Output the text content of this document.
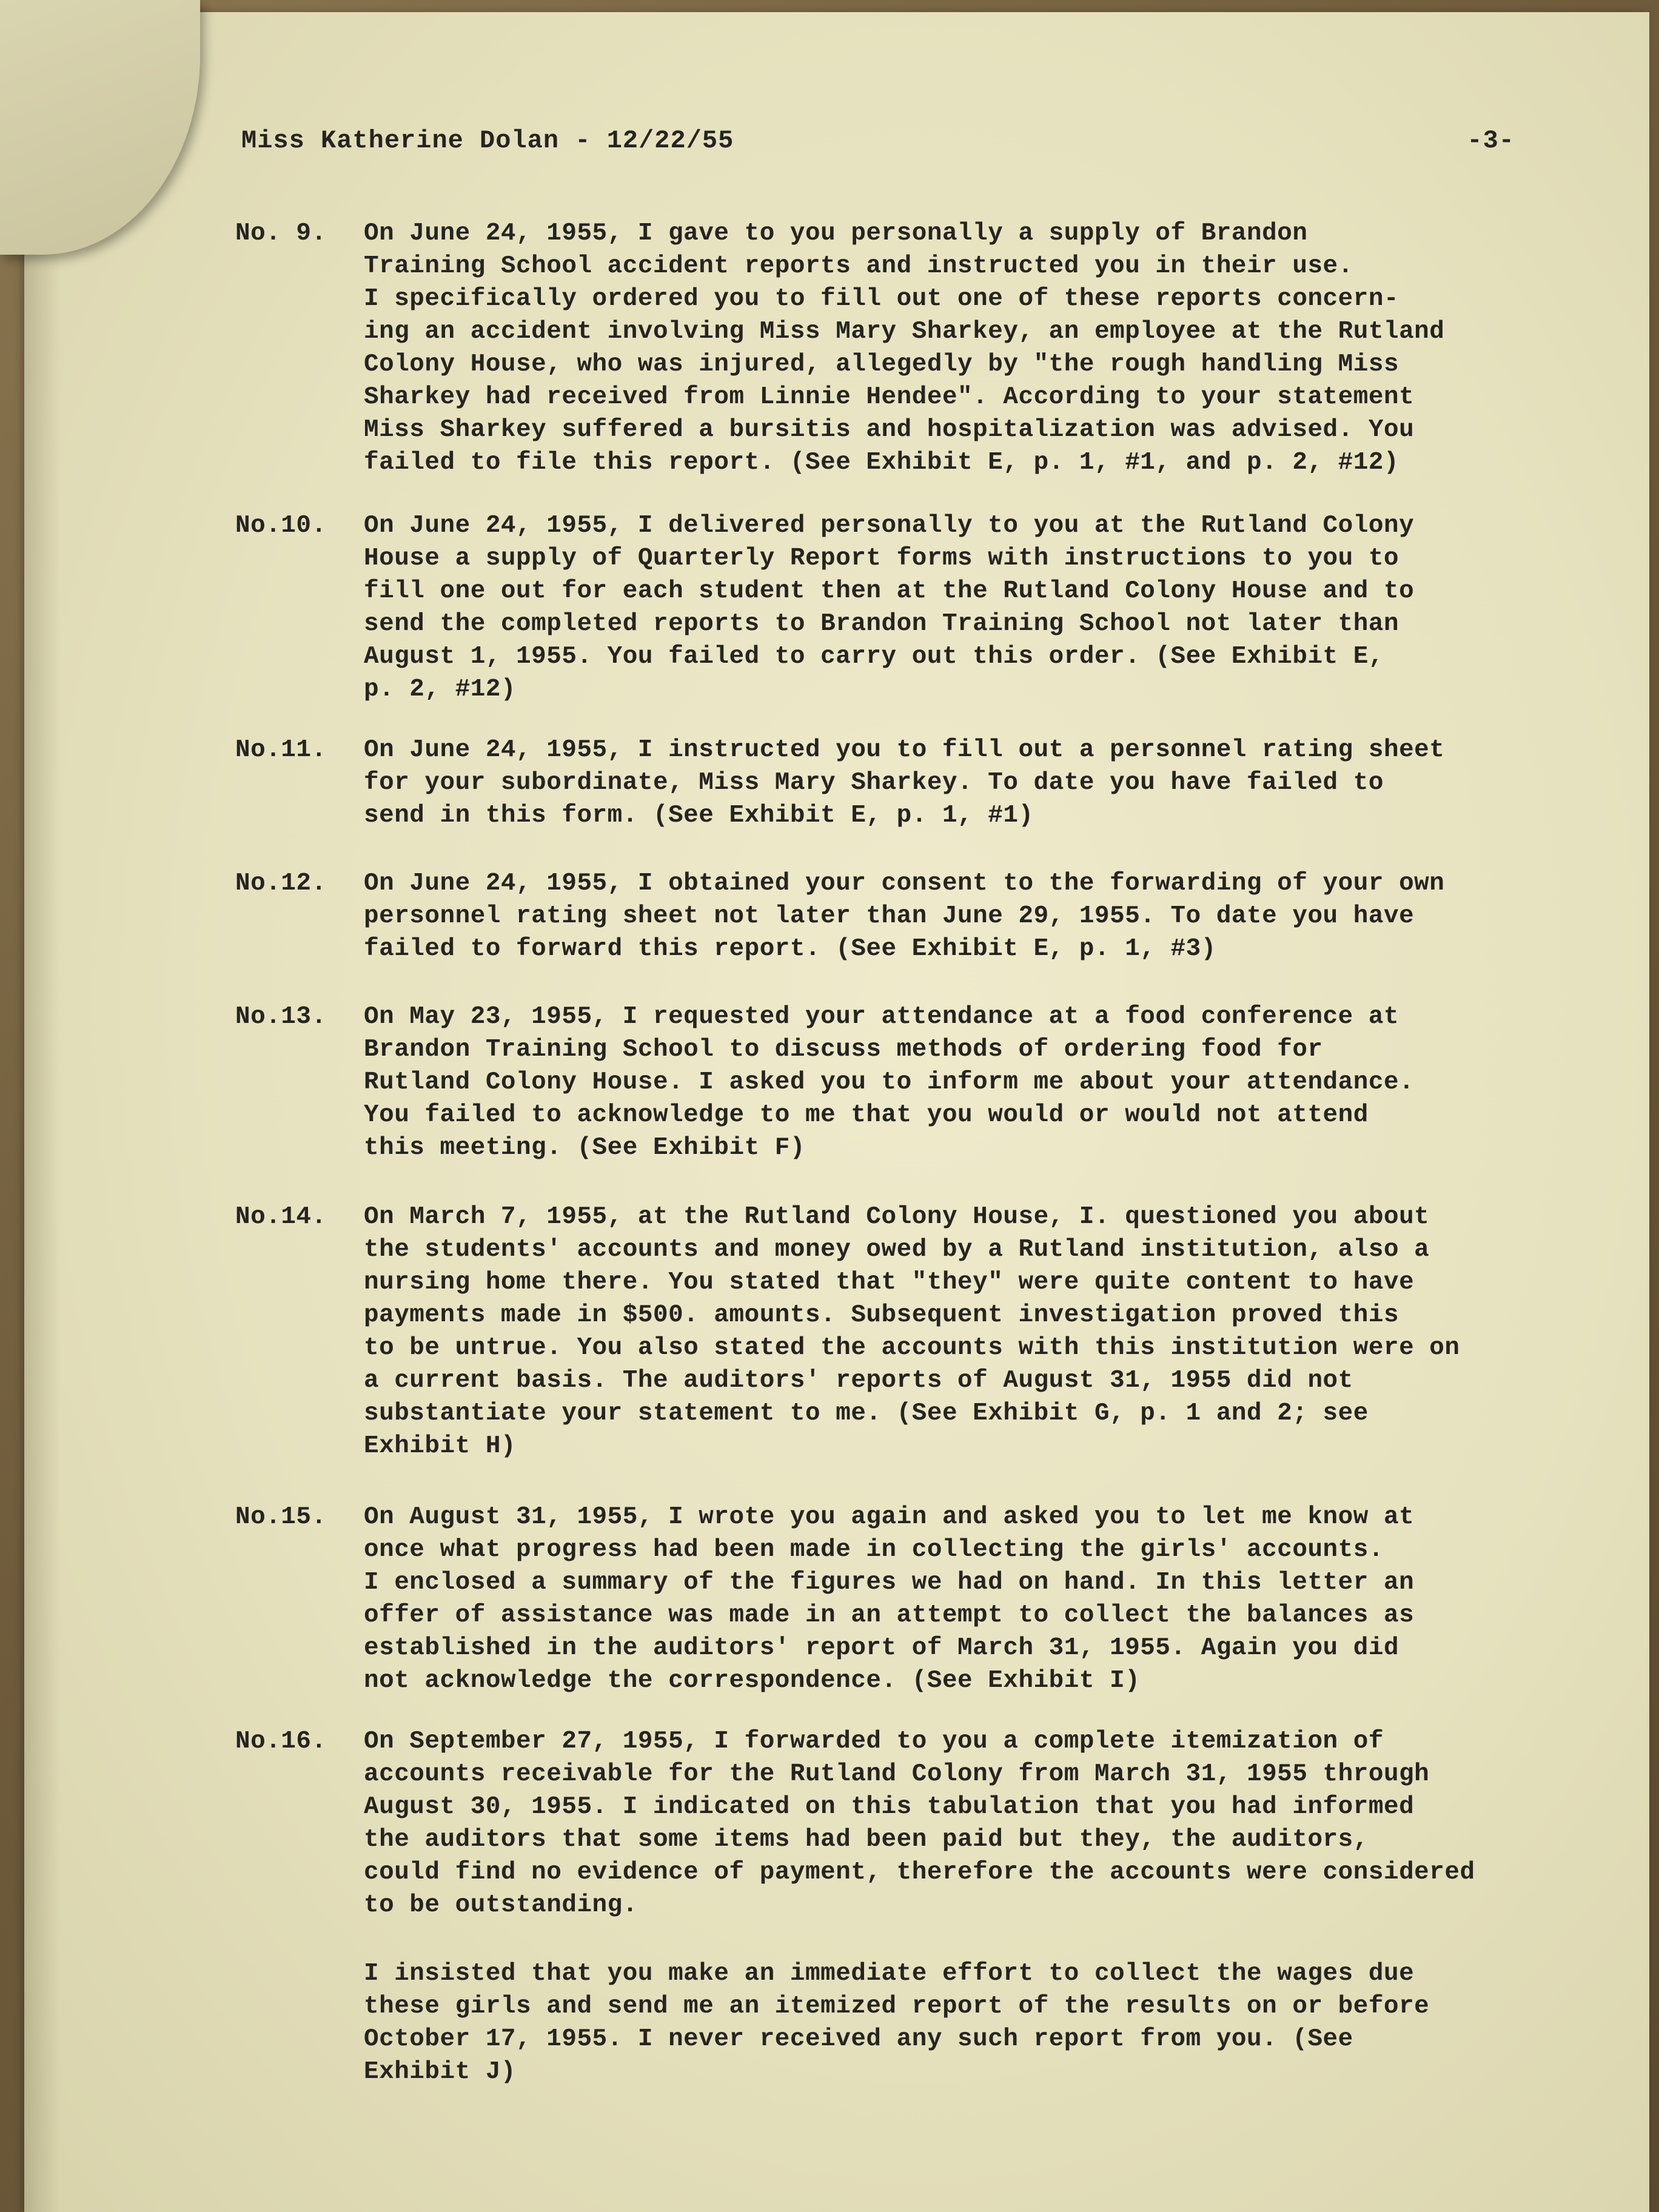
Miss Katherine Dolan - 12/22/55	-3-
No. 9.	On June 24, 1955, I gave to you personally a supply of Brandon
Training School accident reports and instructed you in their use.
I specifically ordered you to fill out one of these reports concern-
ing an accident involving Miss Mary Sharkey, an employee at the Rutland
Colony House, who was injured, allegedly by "the rough handling Miss
Sharkey had received from Linnie Hendee". According to your statement
Miss Sharkey suffered a bursitis and hospitalization was advised. You
failed to file this report. (See Exhibit E, p. 1, #1, and p. 2, #12)
No.10.	On June 24, 1955, I delivered personally to you at the Rutland Colony
House a supply of Quarterly Report forms with instructions to you to
fill one out for each student then at the Rutland Colony House and to
send the completed reports to Brandon Training School not later than
August 1, 1955. You failed to carry out this order. (See Exhibit E,
p. 2, #12)
No.11.	On June 24, 1955, I instructed you to fill out a personnel rating sheet
for your subordinate, Miss Mary Sharkey. To date you have failed to
send in this form. (See Exhibit E, p. 1, #1)
No.12.	On June 24, 1955, I obtained your consent to the forwarding of your own
personnel rating sheet not later than June 29, 1955. To date you have
failed to forward this report. (See Exhibit E, p. 1, #3)
No.13.	On May 23, 1955, I requested your attendance at a food conference at
Brandon Training School to discuss methods of ordering food for
Rutland Colony House. I asked you to inform me about your attendance.
You failed to acknowledge to me that you would or would not attend
this meeting. (See Exhibit F)
No.14.	On March 7, 1955, at the Rutland Colony House, I. questioned you about
the students' accounts and money owed by a Rutland institution, also a
nursing home there. You stated that "they" were quite content to have
payments made in $500. amounts. Subsequent investigation proved this
to be untrue. You also stated the accounts with this institution were on
a current basis. The auditors' reports of August 31, 1955 did not
substantiate your statement to me. (See Exhibit G, p. 1 and 2; see
Exhibit H)
No.15.	On August 31, 1955, I wrote you again and asked you to let me know at
once what progress had been made in collecting the girls' accounts.
I enclosed a summary of the figures we had on hand. In this letter an
offer of assistance was made in an attempt to collect the balances as
established in the auditors' report of March 31, 1955. Again you did
not acknowledge the correspondence. (See Exhibit I)
No.16.	On September 27, 1955, I forwarded to you a complete itemization of
accounts receivable for the Rutland Colony from March 31, 1955 through
August 30, 1955. I indicated on this tabulation that you had informed
the auditors that some items had been paid but they, the auditors,
could find no evidence of payment, therefore the accounts were considered
to be outstanding.
I insisted that you make an immediate effort to collect the wages due
these girls and send me an itemized report of the results on or before
October 17, 1955. I never received any such report from you. (See
Exhibit J)
